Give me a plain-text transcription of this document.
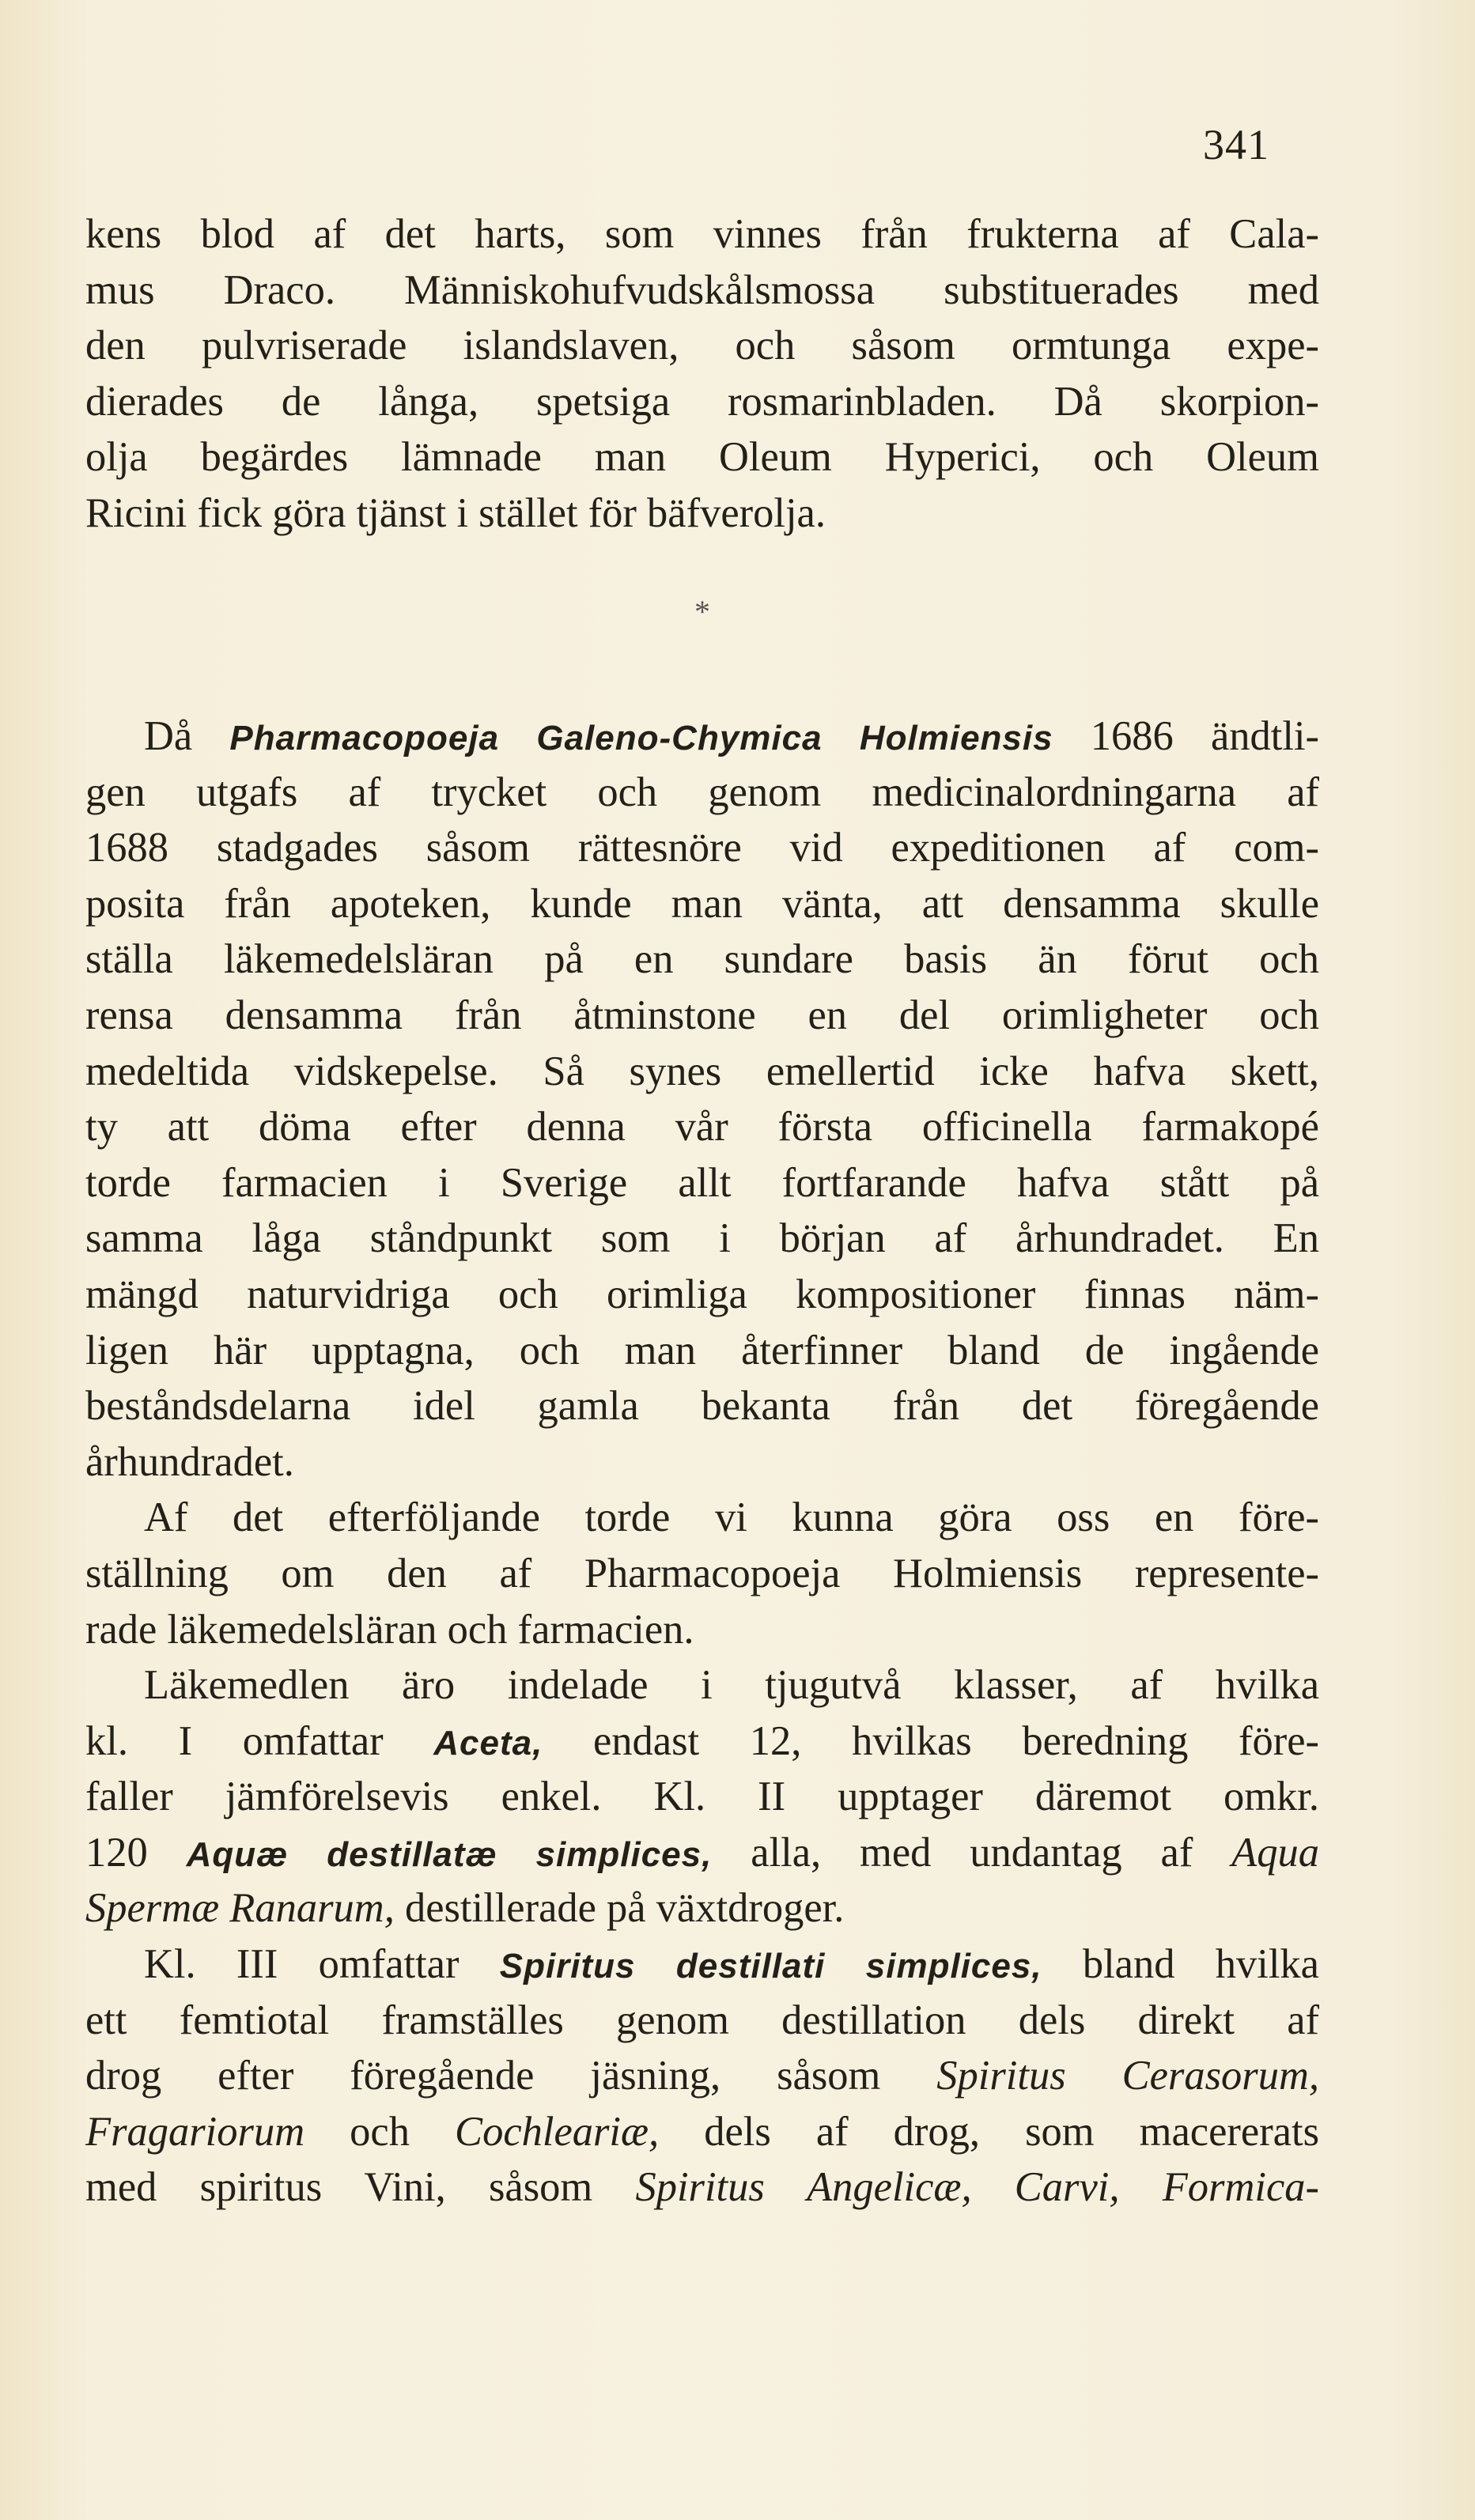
341
kens blod af det harts, som vinnes från frukterna af Cala-
mus Draco. Människohufvudskålsmossa substituerades med
den pulvriserade islandslaven, och såsom ormtunga expe-
dierades de långa, spetsiga rosmarinbladen. Då skorpion-
olja begärdes lämnade man Oleum Hyperici, och Oleum
Ricini fick göra tjänst i stället för bäfverolja.
*
Då Pharmacopoeja Galeno-Chymica Holmiensis 1686 ändtli-
gen utgafs af trycket och genom medicinalordningarna af
1688 stadgades såsom rättesnöre vid expeditionen af com-
posita från apoteken, kunde man vänta, att densamma skulle
ställa läkemedelsläran på en sundare basis än förut och
rensa densamma från åtminstone en del orimligheter och
medeltida vidskepelse. Så synes emellertid icke hafva skett,
ty att döma efter denna vår första officinella farmakopé
torde farmacien i Sverige allt fortfarande hafva stått på
samma låga ståndpunkt som i början af århundradet. En
mängd naturvidriga och orimliga kompositioner finnas näm-
ligen här upptagna, och man återfinner bland de ingående
beståndsdelarna idel gamla bekanta från det föregående
århundradet.
Af det efterföljande torde vi kunna göra oss en före-
ställning om den af Pharmacopoeja Holmiensis represente-
rade läkemedelsläran och farmacien.
Läkemedlen äro indelade i tjugutvå klasser, af hvilka
kl. I omfattar Aceta, endast 12, hvilkas beredning före-
faller jämförelsevis enkel. Kl. II upptager däremot omkr.
120 Aquæ destillatæ simplices, alla, med undantag af Aqua
Spermæ Ranarum, destillerade på växtdroger.
Kl. III omfattar Spiritus destillati simplices, bland hvilka
ett femtiotal framställes genom destillation dels direkt af
drog efter föregående jäsning, såsom Spiritus Cerasorum,
Fragariorum och Cochleariæ, dels af drog, som macererats
med spiritus Vini, såsom Spiritus Angelicæ, Carvi, Formica-
